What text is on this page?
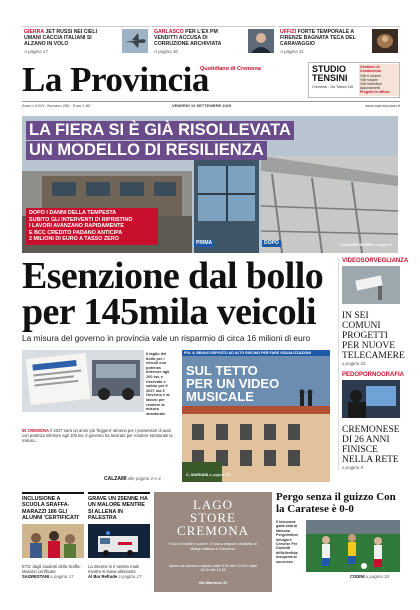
GIERRA JET RUSSI NEI CIELI UMANI CACCIA ITALIANI SI ALZANO IN VOLO
A pagina 17
GARLASCO PER L'EX PM VENDITTI ACCUSA DI CORRUZIONE ARCHIVIATA
A pagina 30
UFFIZI FORTE TEMPORALE A FIRENZE BAGNATA TECA DEL CARAVAGGIO
A pagina 31
La Provincia
Quotidiano di Cremona	STUDIO
TENSINI
Cremona - Via Tarsini 116
Gestione di Condominio
Ville e schiere
Ville singole
Ville trifamiliari
Appartamenti
Progetti in ufficio
Anno LXXVI - Numero 255 - Euro 1,80	VENERDÌ 19 SETTEMBRE 2025	www.laprovinciacr.it
LA FIERA SI È GIÀ RISOLLEVATA
UN MODELLO DI RESILIENZA
DOPO I DANNI DELLA TEMPESTA
SUBITO GLI INTERVENTI DI RIPRISTINO
I LAVORI AVANZANO RAPIDAMENTE
E BCC CREDITO PADANO ANTICIPA
2 MILIONI DI EURO A TASSO ZERO
PRIMA	DOPO	LUCIANO BIONE a pagina 9
Esenzione dal bollo per 145mila veicoli
La misura del governo in provincia vale un risparmio di circa 16 milioni di euro
Il taglio del bollo per i veicoli con potenza inferiore agli 100 kw, e riservato e valido per il 2027 ma il Governo è al lavoro per rendere la misura strutturale
IN CREMONA Il 2027 sarà un anno più 'leggero' almeno per i possessori di auto con potenza inferiore agli 100 kw. Il governo ha lavorato per rendere strutturale la misura...
CALZAMI alle pagine 2 e 3
POL 8, BRUNO ESPOSTO AD ALTO RISCHIO PER FARE VISUALIZZAZIONI
SUL TETTO
PER UN VIDEO
MUSICALE
C. MARIANI a pagina 13
VIDEOSORVEGLIANZA
IN SEI COMUNI PROGETTI PER NUOVE TELECAMERE
a pagina 33
PEDOPORNOGRAFIA
CREMONESE DI 26 ANNI FINISCE NELLA RETE
a pagina 9
INCLUSIONE A SCUOLA SRAFFA-MARAZZI 186 GLI ALUNNI 'CERTIFICATI'
ETS: dagli studenti della Sraffa-Marazzi certificate
SAGRESTANI a pagina 17
GRAVE UN 25ENNE HA UN MALORE MENTRE SI ALLENA IN PALESTRA
La 25enne si è sentito male mentre si stava allenando
Al Bar Refrade a pagina 17
LAGO
STORE
CREMONA
Il tuo di mobili e cucine. Il nuovo negozio dedicato al design italiano a Cremona.
Aperto da martedì a sabato dalle 9.00 alle 13.00 e dalle 15.00 alle 19.30
Via Mantova 31
Pergo senza il guizzo Con la Caratese è 0-0
Il bisnonna gaita sbla al faticosa Pergolettese infulgore Cresese Per Guidotti difficilesfida insuperta al successo
CODINI a pagina 34
